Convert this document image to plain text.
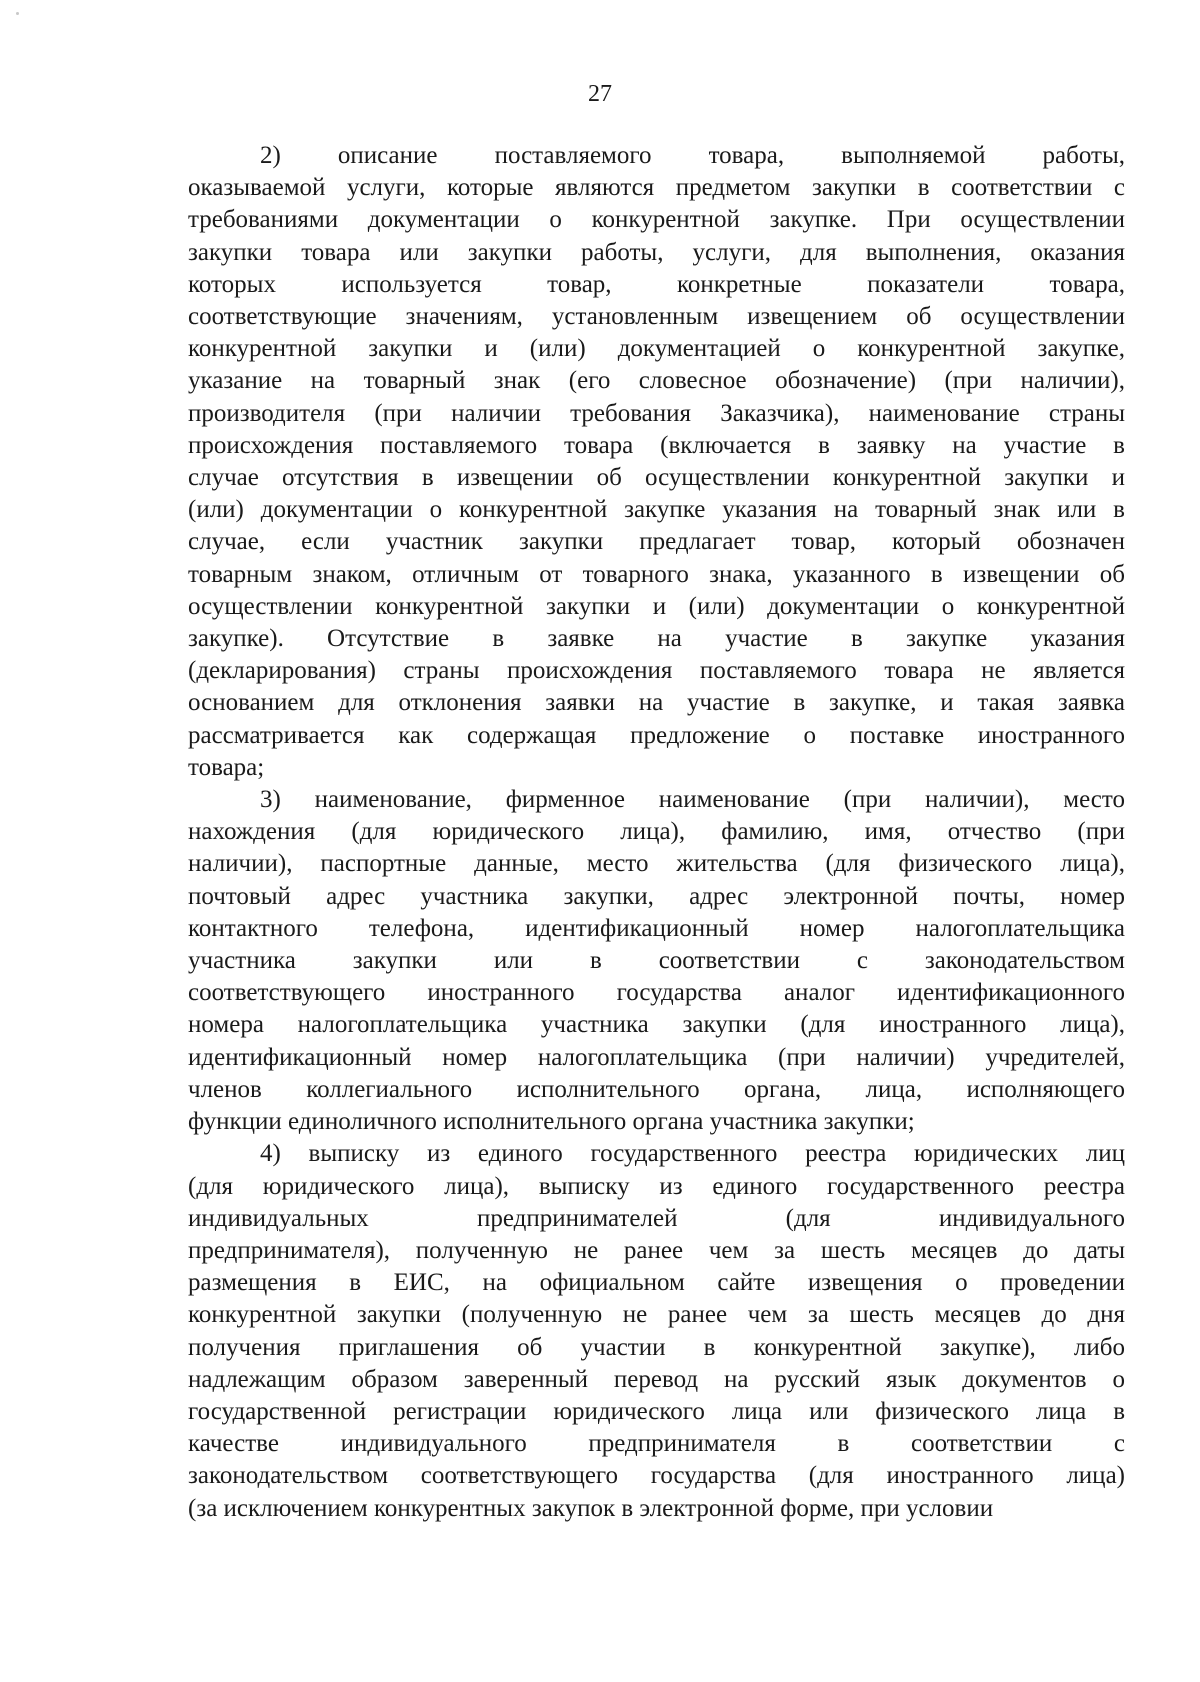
27
2) описание поставляемого товара, выполняемой работы,
оказываемой услуги, которые являются предметом закупки в соответствии с
требованиями документации о конкурентной закупке. При осуществлении
закупки товара или закупки работы, услуги, для выполнения, оказания
которых используется товар, конкретные показатели товара,
соответствующие значениям, установленным извещением об осуществлении
конкурентной закупки и (или) документацией о конкурентной закупке,
указание на товарный знак (его словесное обозначение) (при наличии),
производителя (при наличии требования Заказчика), наименование страны
происхождения поставляемого товара (включается в заявку на участие в
случае отсутствия в извещении об осуществлении конкурентной закупки и
(или) документации о конкурентной закупке указания на товарный знак или в
случае, если участник закупки предлагает товар, который обозначен
товарным знаком, отличным от товарного знака, указанного в извещении об
осуществлении конкурентной закупки и (или) документации о конкурентной
закупке). Отсутствие в заявке на участие в закупке указания
(декларирования) страны происхождения поставляемого товара не является
основанием для отклонения заявки на участие в закупке, и такая заявка
рассматривается как содержащая предложение о поставке иностранного
товара;
3) наименование, фирменное наименование (при наличии), место
нахождения (для юридического лица), фамилию, имя, отчество (при
наличии), паспортные данные, место жительства (для физического лица),
почтовый адрес участника закупки, адрес электронной почты, номер
контактного телефона, идентификационный номер налогоплательщика
участника закупки или в соответствии с законодательством
соответствующего иностранного государства аналог идентификационного
номера налогоплательщика участника закупки (для иностранного лица),
идентификационный номер налогоплательщика (при наличии) учредителей,
членов коллегиального исполнительного органа, лица, исполняющего
функции единоличного исполнительного органа участника закупки;
4) выписку из единого государственного реестра юридических лиц
(для юридического лица), выписку из единого государственного реестра
индивидуальных предпринимателей (для индивидуального
предпринимателя), полученную не ранее чем за шесть месяцев до даты
размещения в ЕИС, на официальном сайте извещения о проведении
конкурентной закупки (полученную не ранее чем за шесть месяцев до дня
получения приглашения об участии в конкурентной закупке), либо
надлежащим образом заверенный перевод на русский язык документов о
государственной регистрации юридического лица или физического лица в
качестве индивидуального предпринимателя в соответствии с
законодательством соответствующего государства (для иностранного лица)
(за исключением конкурентных закупок в электронной форме, при условии
